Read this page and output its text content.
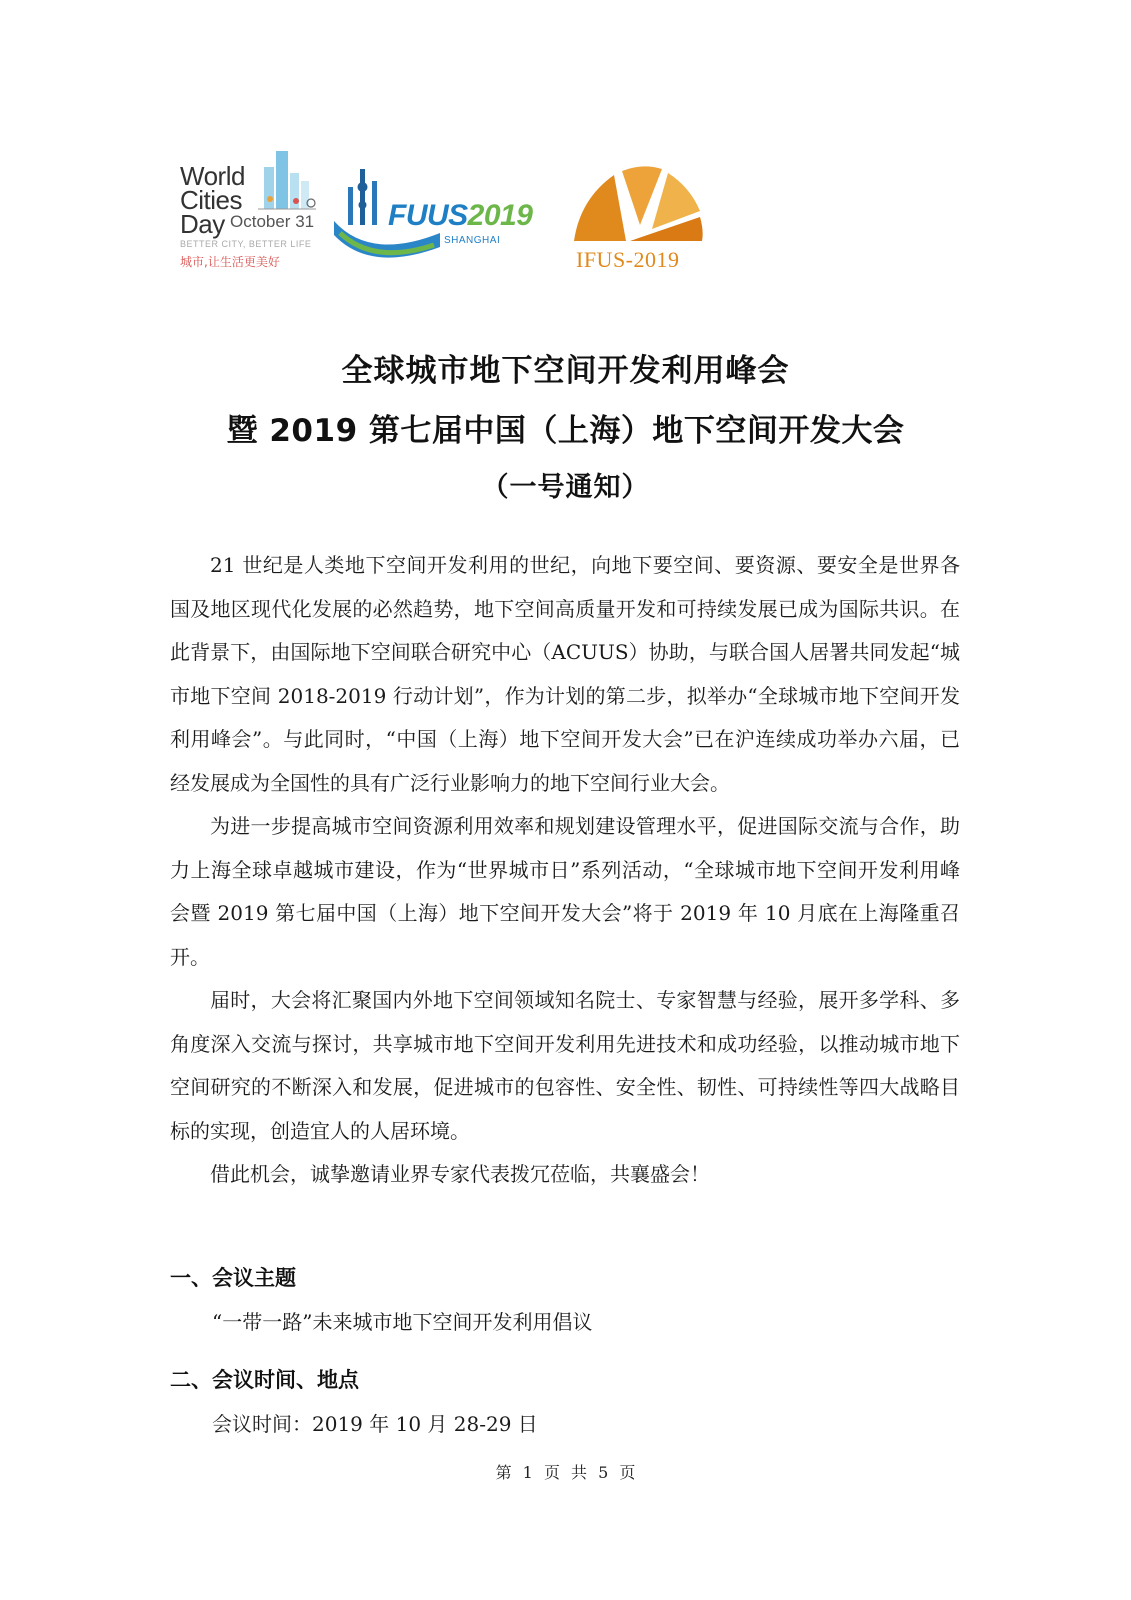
World
Cities
Day October 31
BETTER CITY, BETTER LIFE
城市,让生活更美好
FUUS2019
SHANGHAI
IFUS-2019
全球城市地下空间开发利用峰会
暨 2019 第七届中国（上海）地下空间开发大会
（一号通知）

21 世纪是人类地下空间开发利用的世纪，向地下要空间、要资源、要安全是世界各国及地区现代化发展的必然趋势，地下空间高质量开发和可持续发展已成为国际共识。在此背景下，由国际地下空间联合研究中心（ACUUS）协助，与联合国人居署共同发起“城市地下空间 2018-2019 行动计划”，作为计划的第二步，拟举办“全球城市地下空间开发利用峰会”。与此同时，“中国（上海）地下空间开发大会”已在沪连续成功举办六届，已经发展成为全国性的具有广泛行业影响力的地下空间行业大会。

为进一步提高城市空间资源利用效率和规划建设管理水平，促进国际交流与合作，助力上海全球卓越城市建设，作为“世界城市日”系列活动，“全球城市地下空间开发利用峰会暨 2019 第七届中国（上海）地下空间开发大会”将于 2019 年 10 月底在上海隆重召开。

届时，大会将汇聚国内外地下空间领域知名院士、专家智慧与经验，展开多学科、多角度深入交流与探讨，共享城市地下空间开发利用先进技术和成功经验，以推动城市地下空间研究的不断深入和发展，促进城市的包容性、安全性、韧性、可持续性等四大战略目标的实现，创造宜人的人居环境。

借此机会，诚挚邀请业界专家代表拨冗莅临，共襄盛会！

一、会议主题
“一带一路”未来城市地下空间开发利用倡议
二、会议时间、地点
会议时间：2019 年 10 月 28-29 日
第 1 页 共 5 页
